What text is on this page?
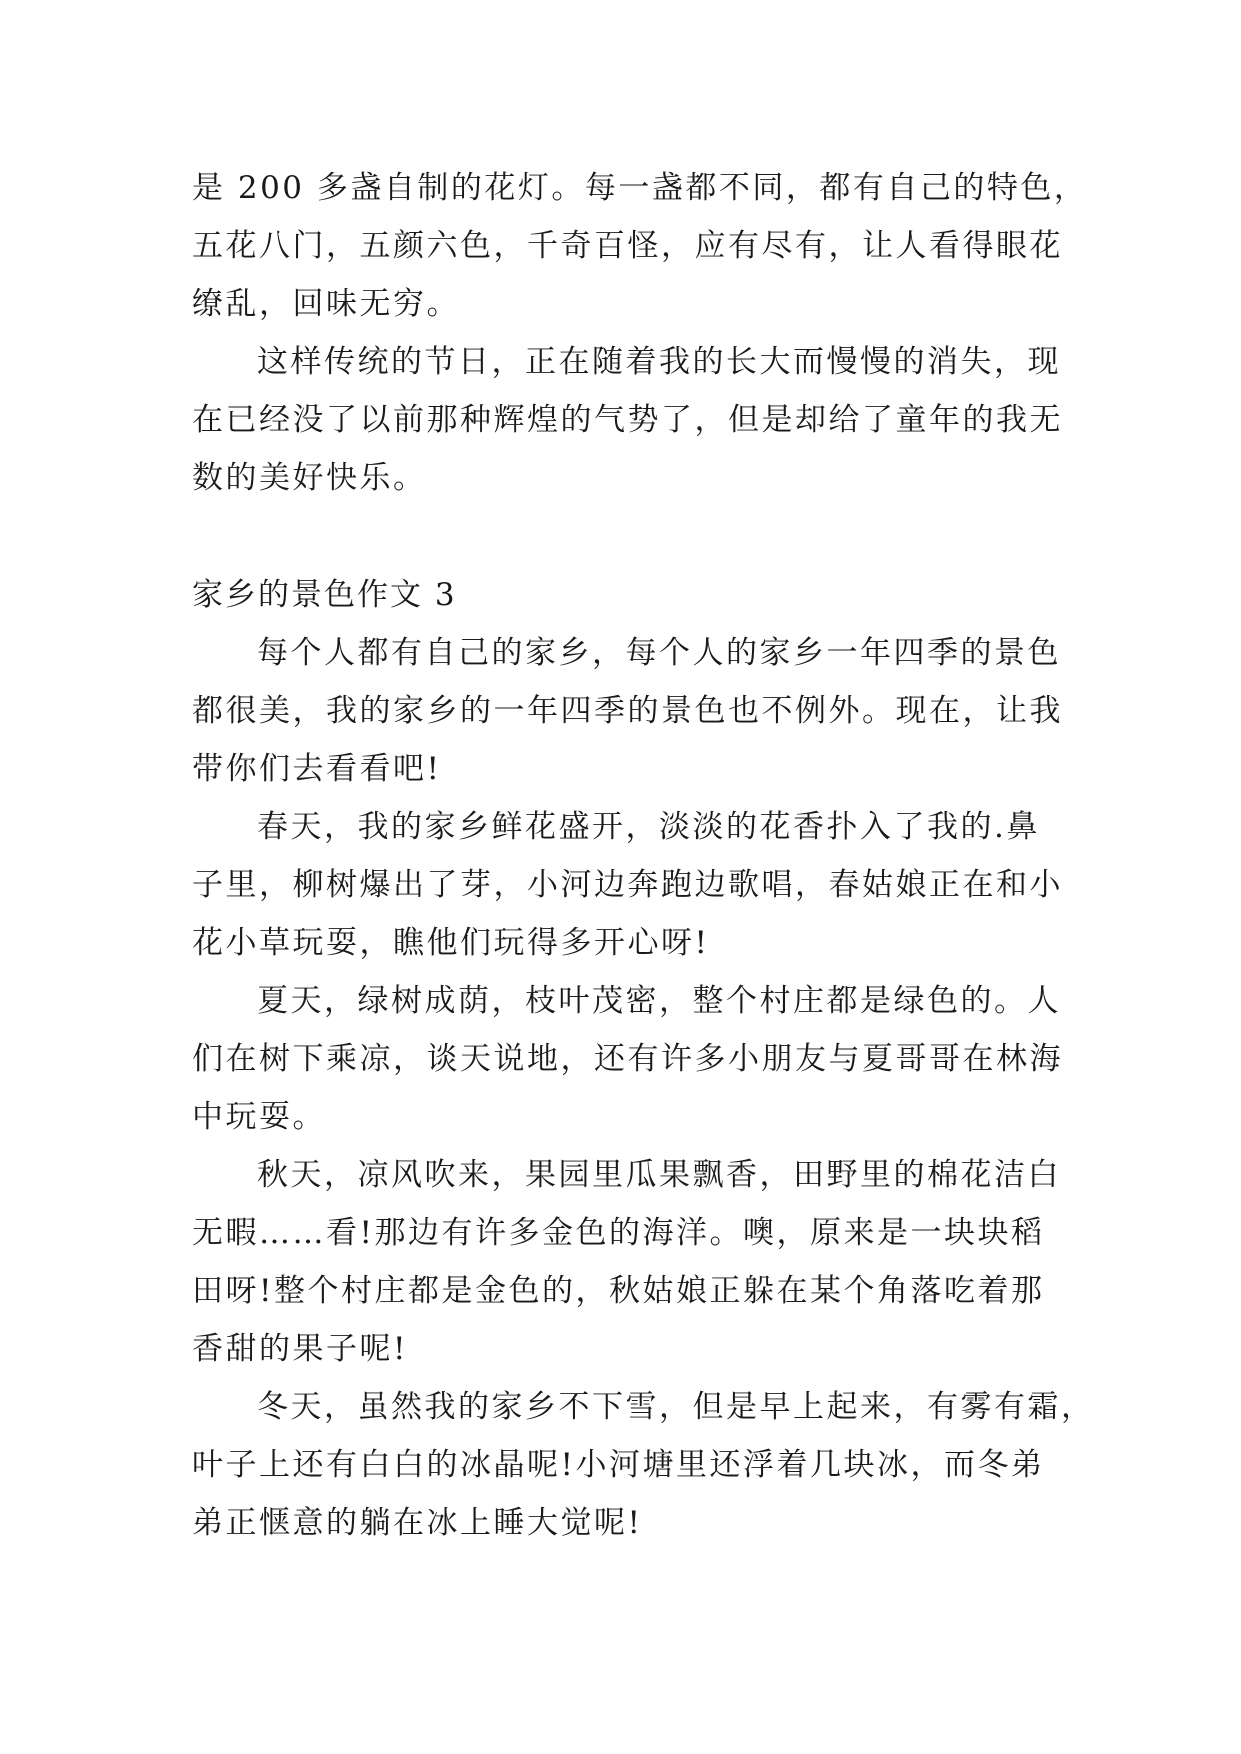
是 200 多盏自制的花灯。每一盏都不同，都有自己的特色，
五花八门，五颜六色，千奇百怪，应有尽有，让人看得眼花
缭乱，回味无穷。
这样传统的节日，正在随着我的长大而慢慢的消失，现
在已经没了以前那种辉煌的气势了，但是却给了童年的我无
数的美好快乐。
家乡的景色作文 3
每个人都有自己的家乡，每个人的家乡一年四季的景色
都很美，我的家乡的一年四季的景色也不例外。现在，让我
带你们去看看吧!
春天，我的家乡鲜花盛开，淡淡的花香扑入了我的.鼻
子里，柳树爆出了芽，小河边奔跑边歌唱，春姑娘正在和小
花小草玩耍，瞧他们玩得多开心呀!
夏天，绿树成荫，枝叶茂密，整个村庄都是绿色的。人
们在树下乘凉，谈天说地，还有许多小朋友与夏哥哥在林海
中玩耍。
秋天，凉风吹来，果园里瓜果飘香，田野里的棉花洁白
无暇……看!那边有许多金色的海洋。噢，原来是一块块稻
田呀!整个村庄都是金色的，秋姑娘正躲在某个角落吃着那
香甜的果子呢!
冬天，虽然我的家乡不下雪，但是早上起来，有雾有霜，
叶子上还有白白的冰晶呢!小河塘里还浮着几块冰，而冬弟
弟正惬意的躺在冰上睡大觉呢!
